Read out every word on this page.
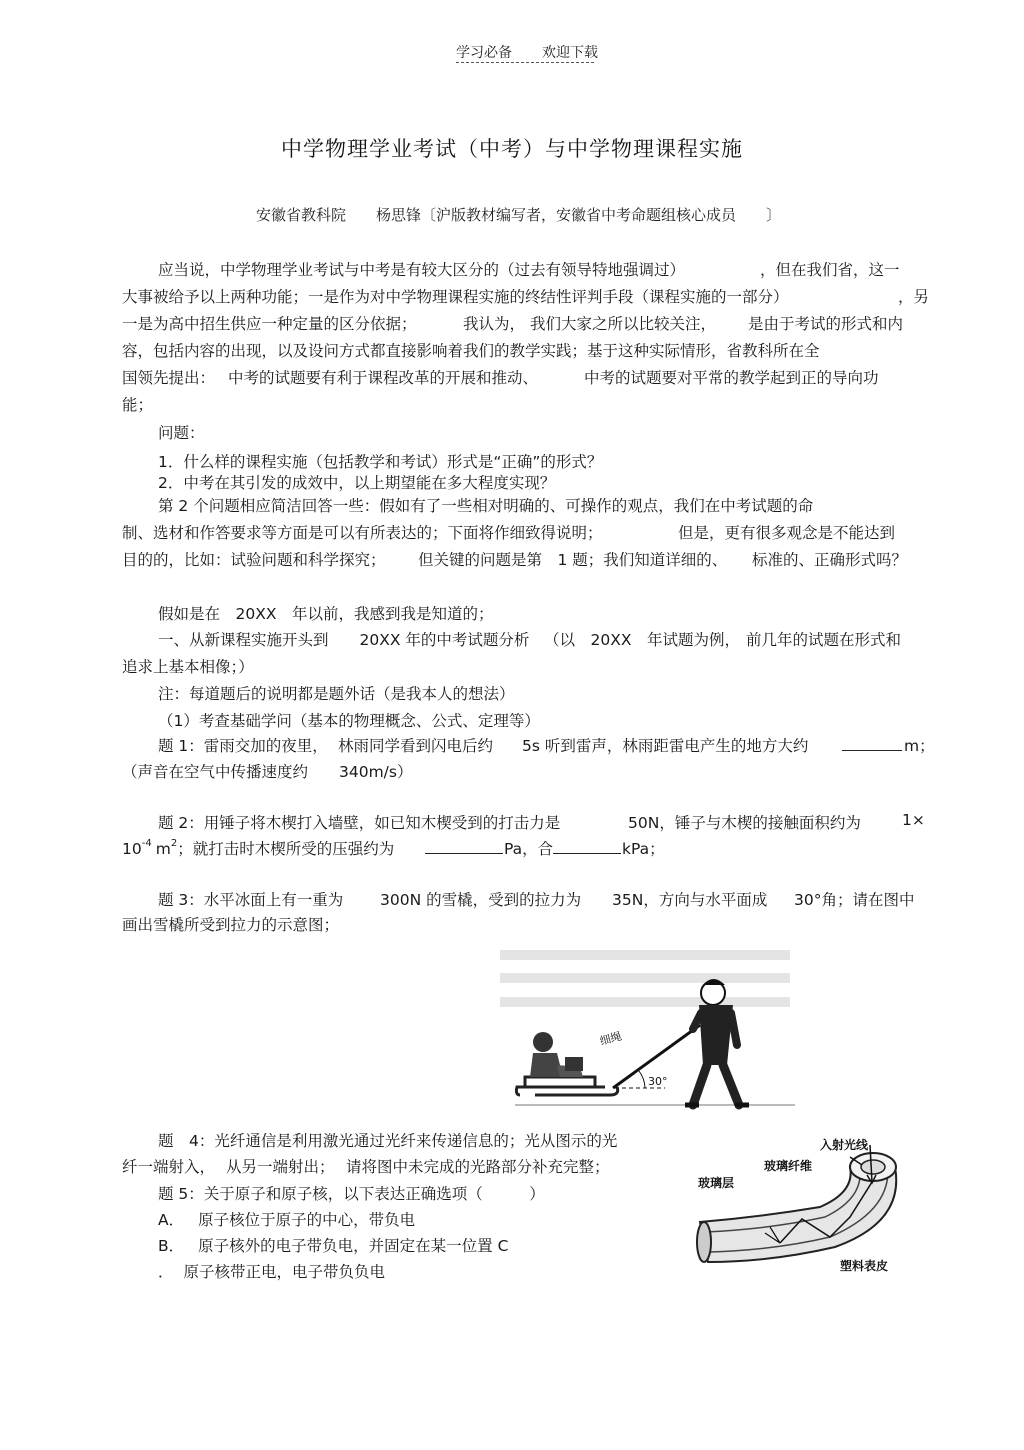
学习必备 欢迎下载
中学物理学业考试（中考）与中学物理课程实施
安徽省教科院　　杨思锋〔沪版教材编写者，安徽省中考命题组核心成员　　〕
应当说，中学物理学业考试与中考是有较大区分的（过去有领导特地强调过）	，但在我们省，这一
大事被给予以上两种功能；一是作为对中学物理课程实施的终结性评判手段（课程实施的一部分）	，另
一是为高中招生供应一种定量的区分依据；	我认为， 我们大家之所以比较关注， 是由于考试的形式和内
容，包括内容的出现，以及设问方式都直接影响着我们的教学实践；基于这种实际情形，省教科所在全
国领先提出： 中考的试题要有利于课程改革的开展和推动、	中考的试题要对平常的教学起到正的导向功
能；
问题：
1．什么样的课程实施（包括教学和考试）形式是“正确”的形式？
2．中考在其引发的成效中，以上期望能在多大程度实现？
第 2 个问题相应简洁回答一些：假如有了一些相对明确的、可操作的观点，我们在中考试题的命
制、选材和作答要求等方面是可以有所表达的；下面将作细致得说明；	但是，更有很多观念是不能达到
目的的，比如：试验问题和科学探究； 但关键的问题是第　1 题；我们知道详细的、 标准的、正确形式吗？
假如是在　20XX　年以前，我感到我是知道的；
一、从新课程实施开头到　　20XX 年的中考试题分析 （以　20XX　年试题为例， 前几年的试题在形式和
追求上基本相像；）
注：每道题后的说明都是题外话（是我本人的想法）
（1）考查基础学问（基本的物理概念、公式、定理等）
题 1：雷雨交加的夜里， 林雨同学看到闪电后约 5s 听到雷声，林雨距雷电产生的地方大约	m；
（声音在空气中传播速度约　　340m/s）
题 2：用锤子将木楔打入墙壁，如已知木楔受到的打击力是	50N，锤子与木楔的接触面积约为	1×
$10^{-4}$ $m^2$；就打击时木楔所受的压强约为	Pa，合	kPa；
题 3：水平冰面上有一重为 300N 的雪橇，受到的拉力为 35N，方向与水平面成 30°角；请在图中
画出雪橇所受到拉力的示意图；
30°
细绳
题　4：光纤通信是利用激光通过光纤来传递信息的；光从图示的光
纤一端射入， 从另一端射出； 请将图中未完成的光路部分补充完整；
入射光线
玻璃纤维
玻璃层
塑料表皮
题 5：关于原子和原子核，以下表达正确选项（　　　）
A． 原子核位于原子的中心，带负电
B． 原子核外的电子带负电，并固定在某一位置 C
． 原子核带正电，电子带负负电
